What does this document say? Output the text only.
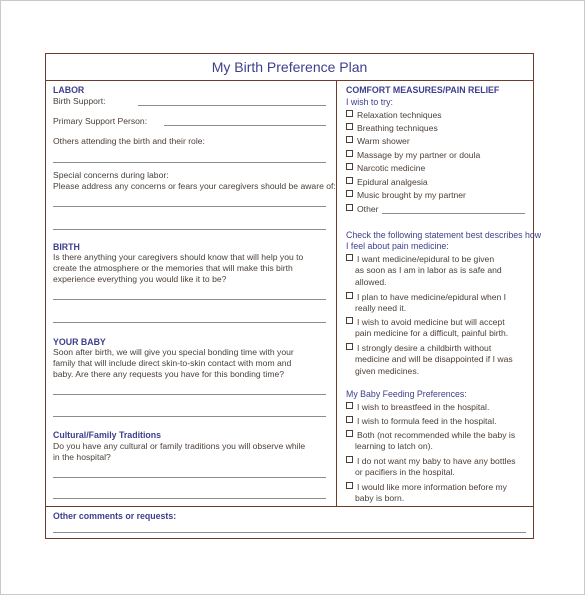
My Birth Preference Plan
LABOR
Birth Support:
Primary Support Person:
Others attending the birth and their role:
Special concerns during labor:
Please address any concerns or fears your caregivers should be aware of:
BIRTH
Is there anything your caregivers should know that will help you to
create the atmosphere or the memories that will make this birth
experience everything you would like it to be?
YOUR BABY
Soon after birth, we will give you special bonding time with your
family that will include direct skin-to-skin contact with mom and
baby. Are there any requests you have for this bonding time?
Cultural/Family Traditions
Do you have any cultural or family traditions you will observe while
in the hospital?
COMFORT MEASURES/PAIN RELIEF
I wish to try:
Relaxation techniques
Breathing techniques
Warm shower
Massage by my partner or doula
Narcotic medicine
Epidural analgesia
Music brought by my partner
Other
Check the following statement best describes how
I feel about pain medicine:
I want medicine/epidural to be given
as soon as I am in labor as is safe and
allowed.
I plan to have medicine/epidural when I
really need it.
I wish to avoid medicine but will accept
pain medicine for a difficult, painful birth.
I strongly desire a childbirth without
medicine and will be disappointed if I was
given medicines.
My Baby Feeding Preferences:
I wish to breastfeed in the hospital.
I wish to formula feed in the hospital.
Both (not recommended while the baby is
learning to latch on).
I do not want my baby to have any bottles
or pacifiers in the hospital.
I would like more information before my
baby is born.
Other comments or requests:
